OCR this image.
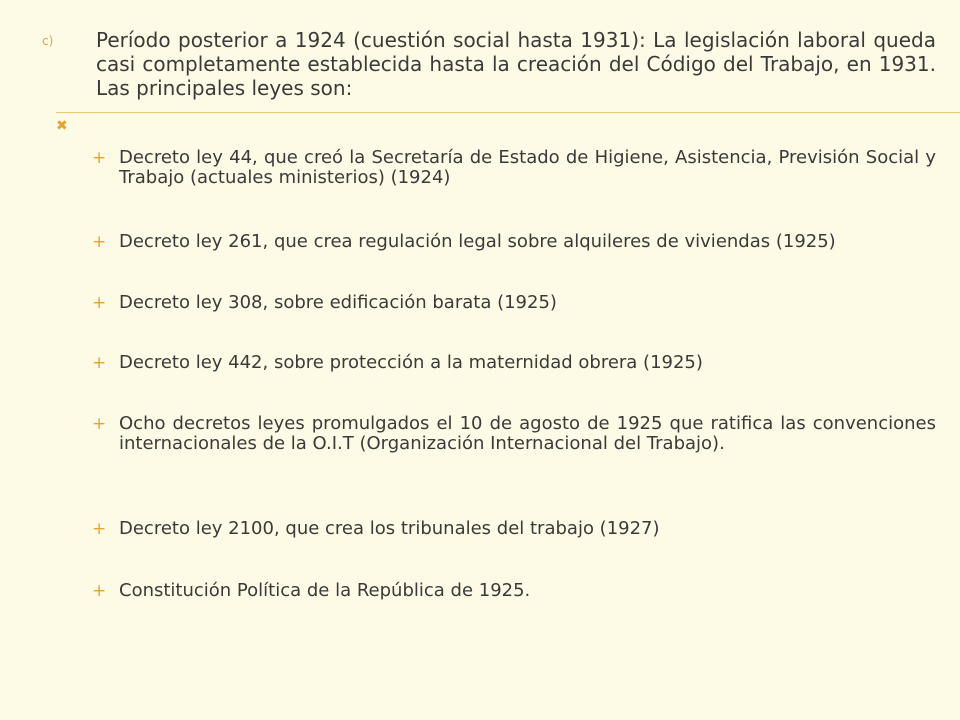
c) Período posterior a 1924 (cuestión social hasta 1931): La legislación laboral queda casi completamente establecida hasta la creación del Código del Trabajo, en 1931. Las principales leyes son:
✖
+ Decreto ley 44, que creó la Secretaría de Estado de Higiene, Asistencia, Previsión Social y Trabajo (actuales ministerios) (1924)
+ Decreto ley 261, que crea regulación legal sobre alquileres de viviendas (1925)
+ Decreto ley 308, sobre edificación barata (1925)
+ Decreto ley 442, sobre protección a la maternidad obrera (1925)
+ Ocho decretos leyes promulgados el 10 de agosto de 1925 que ratifica las convenciones internacionales de la O.I.T (Organización Internacional del Trabajo).
+ Decreto ley 2100, que crea los tribunales del trabajo (1927)
+ Constitución Política de la República de 1925.
